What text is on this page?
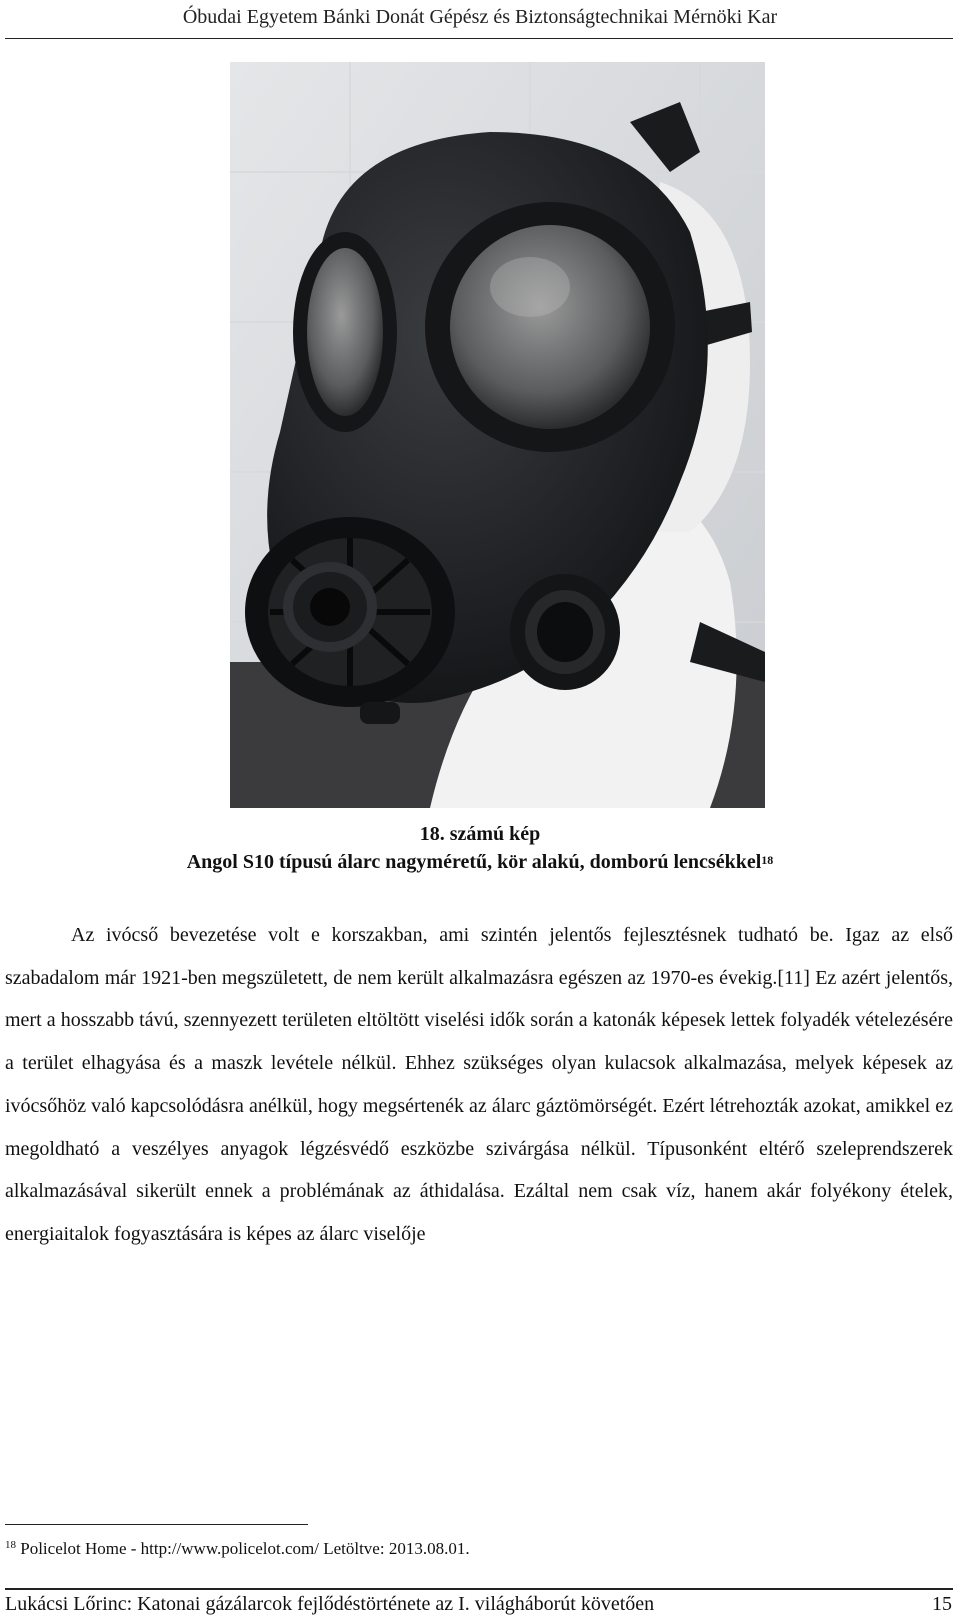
Óbudai Egyetem Bánki Donát Gépész és Biztonságtechnikai Mérnöki Kar
18. számú kép
Angol S10 típusú álarc nagyméretű, kör alakú, domború lencsékkel$^{18}$

Az ivócső bevezetése volt e korszakban, ami szintén jelentős fejlesztésnek tudható be. Igaz az első szabadalom már 1921-ben megszületett, de nem került alkalmazásra egészen az 1970-es évekig.[11] Ez azért jelentős, mert a hosszabb távú, szennyezett területen eltöltött viselési idők során a katonák képesek lettek folyadék vételezésére a terület elhagyása és a maszk levétele nélkül. Ehhez szükséges olyan kulacsok alkalmazása, melyek képesek az ivócsőhöz való kapcsolódásra anélkül, hogy megsértenék az álarc gáztömörségét. Ezért létrehozták azokat, amikkel ez megoldható a veszélyes anyagok légzésvédő eszközbe szivárgása nélkül. Típusonként eltérő szeleprendszerek alkalmazásával sikerült ennek a problémának az áthidalása. Ezáltal nem csak víz, hanem akár folyékony ételek, energiaitalok fogyasztására is képes az álarc viselője

$^{18}$ Policelot Home - http://www.policelot.com/ Letöltve: 2013.08.01.
Lukácsi Lőrinc: Katonai gázálarcok fejlődéstörténete az I. világháborút követően	15
